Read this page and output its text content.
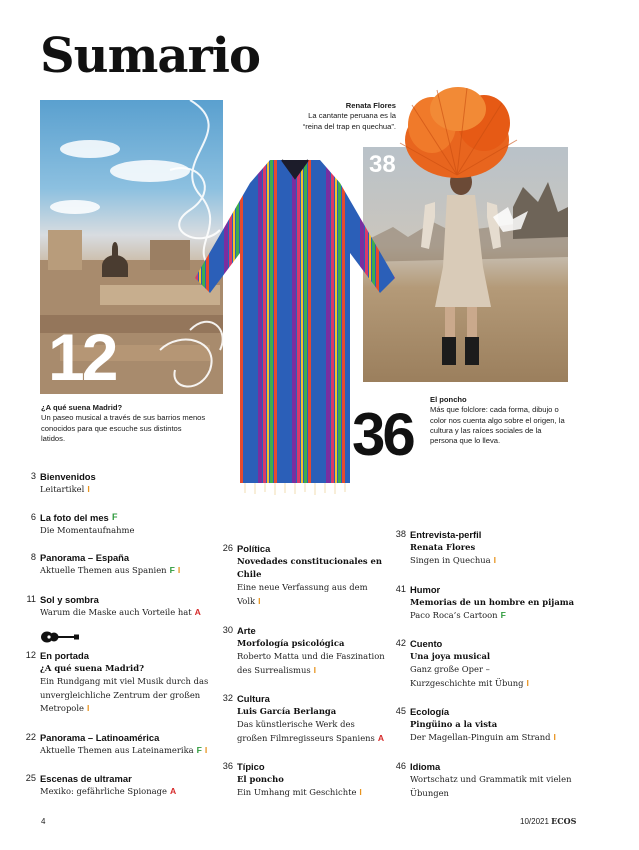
Sumario
12
38
Renata Flores
La cantante peruana es la “reina del trap en quechua”.
¿A qué suena Madrid?
Un paseo musical a través de sus barrios menos conocidos para que escuche sus distintos latidos.	36
El poncho
Más que folclore: cada forma, dibujo o color nos cuenta algo sobre el origen, la cultura y las raíces sociales de la persona que lo lleva.
3 Bienvenidos
Leitartikel I
6 La foto del mes
Die Momentaufnahme
F
8 Panorama – España
Aktuelle Themen aus Spanien F I
11 Sol y sombra
Warum die Maske auch Vorteile hat A
12 En portada
¿A qué suena Madrid?
Ein Rundgang mit viel Musik durch das unvergleichliche Zentrum der großen Metropole I
22 Panorama – Latinoamérica
Aktuelle Themen aus Lateinamerika F I
25 Escenas de ultramar
Mexiko: gefährliche Spionage A
26 Política
Novedades constitucionales en Chile
Eine neue Verfassung aus dem Volk I
30 Arte
Morfología psicológica
Roberto Matta und die Faszination des Surrealismus I
32 Cultura
Luis García Berlanga
Das künstlerische Werk des großen Filmregisseurs Spaniens A
36 Típico
El poncho
Ein Umhang mit Geschichte I
38 Entrevista-perfil
Renata Flores
Singen in Quechua I
41 Humor
Memorias de un hombre en pijama
Paco Roca’s Cartoon F
42 Cuento
Una joya musical
Ganz große Oper – Kurzgeschichte mit Übung I
45 Ecología
Pingüino a la vista
Der Magellan-Pinguin am Strand I
46 Idioma
Wortschatz und Grammatik mit vielen Übungen
4	10/2021 ECOS
